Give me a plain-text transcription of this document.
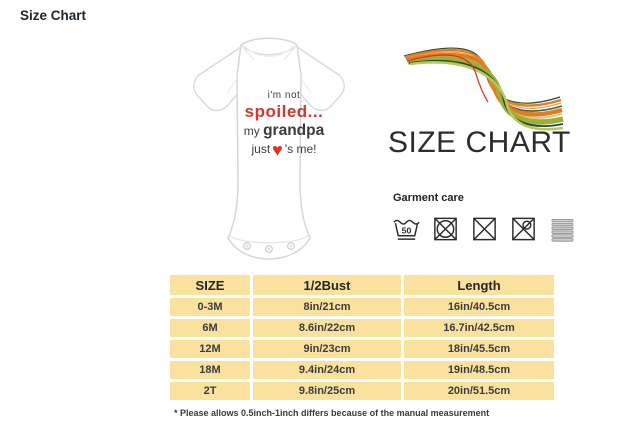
Size Chart
i'm not
spoiled...
my grandpa
just ♥ 's me! SIZE CHART
Garment care
50
SIZE	1/2Bust	Length
0-3M	8in/21cm	16in/40.5cm
6M	8.6in/22cm	16.7in/42.5cm
12M	9in/23cm	18in/45.5cm
18M	9.4in/24cm	19in/48.5cm
2T	9.8in/25cm	20in/51.5cm
* Please allows 0.5inch-1inch differs because of the manual measurement
